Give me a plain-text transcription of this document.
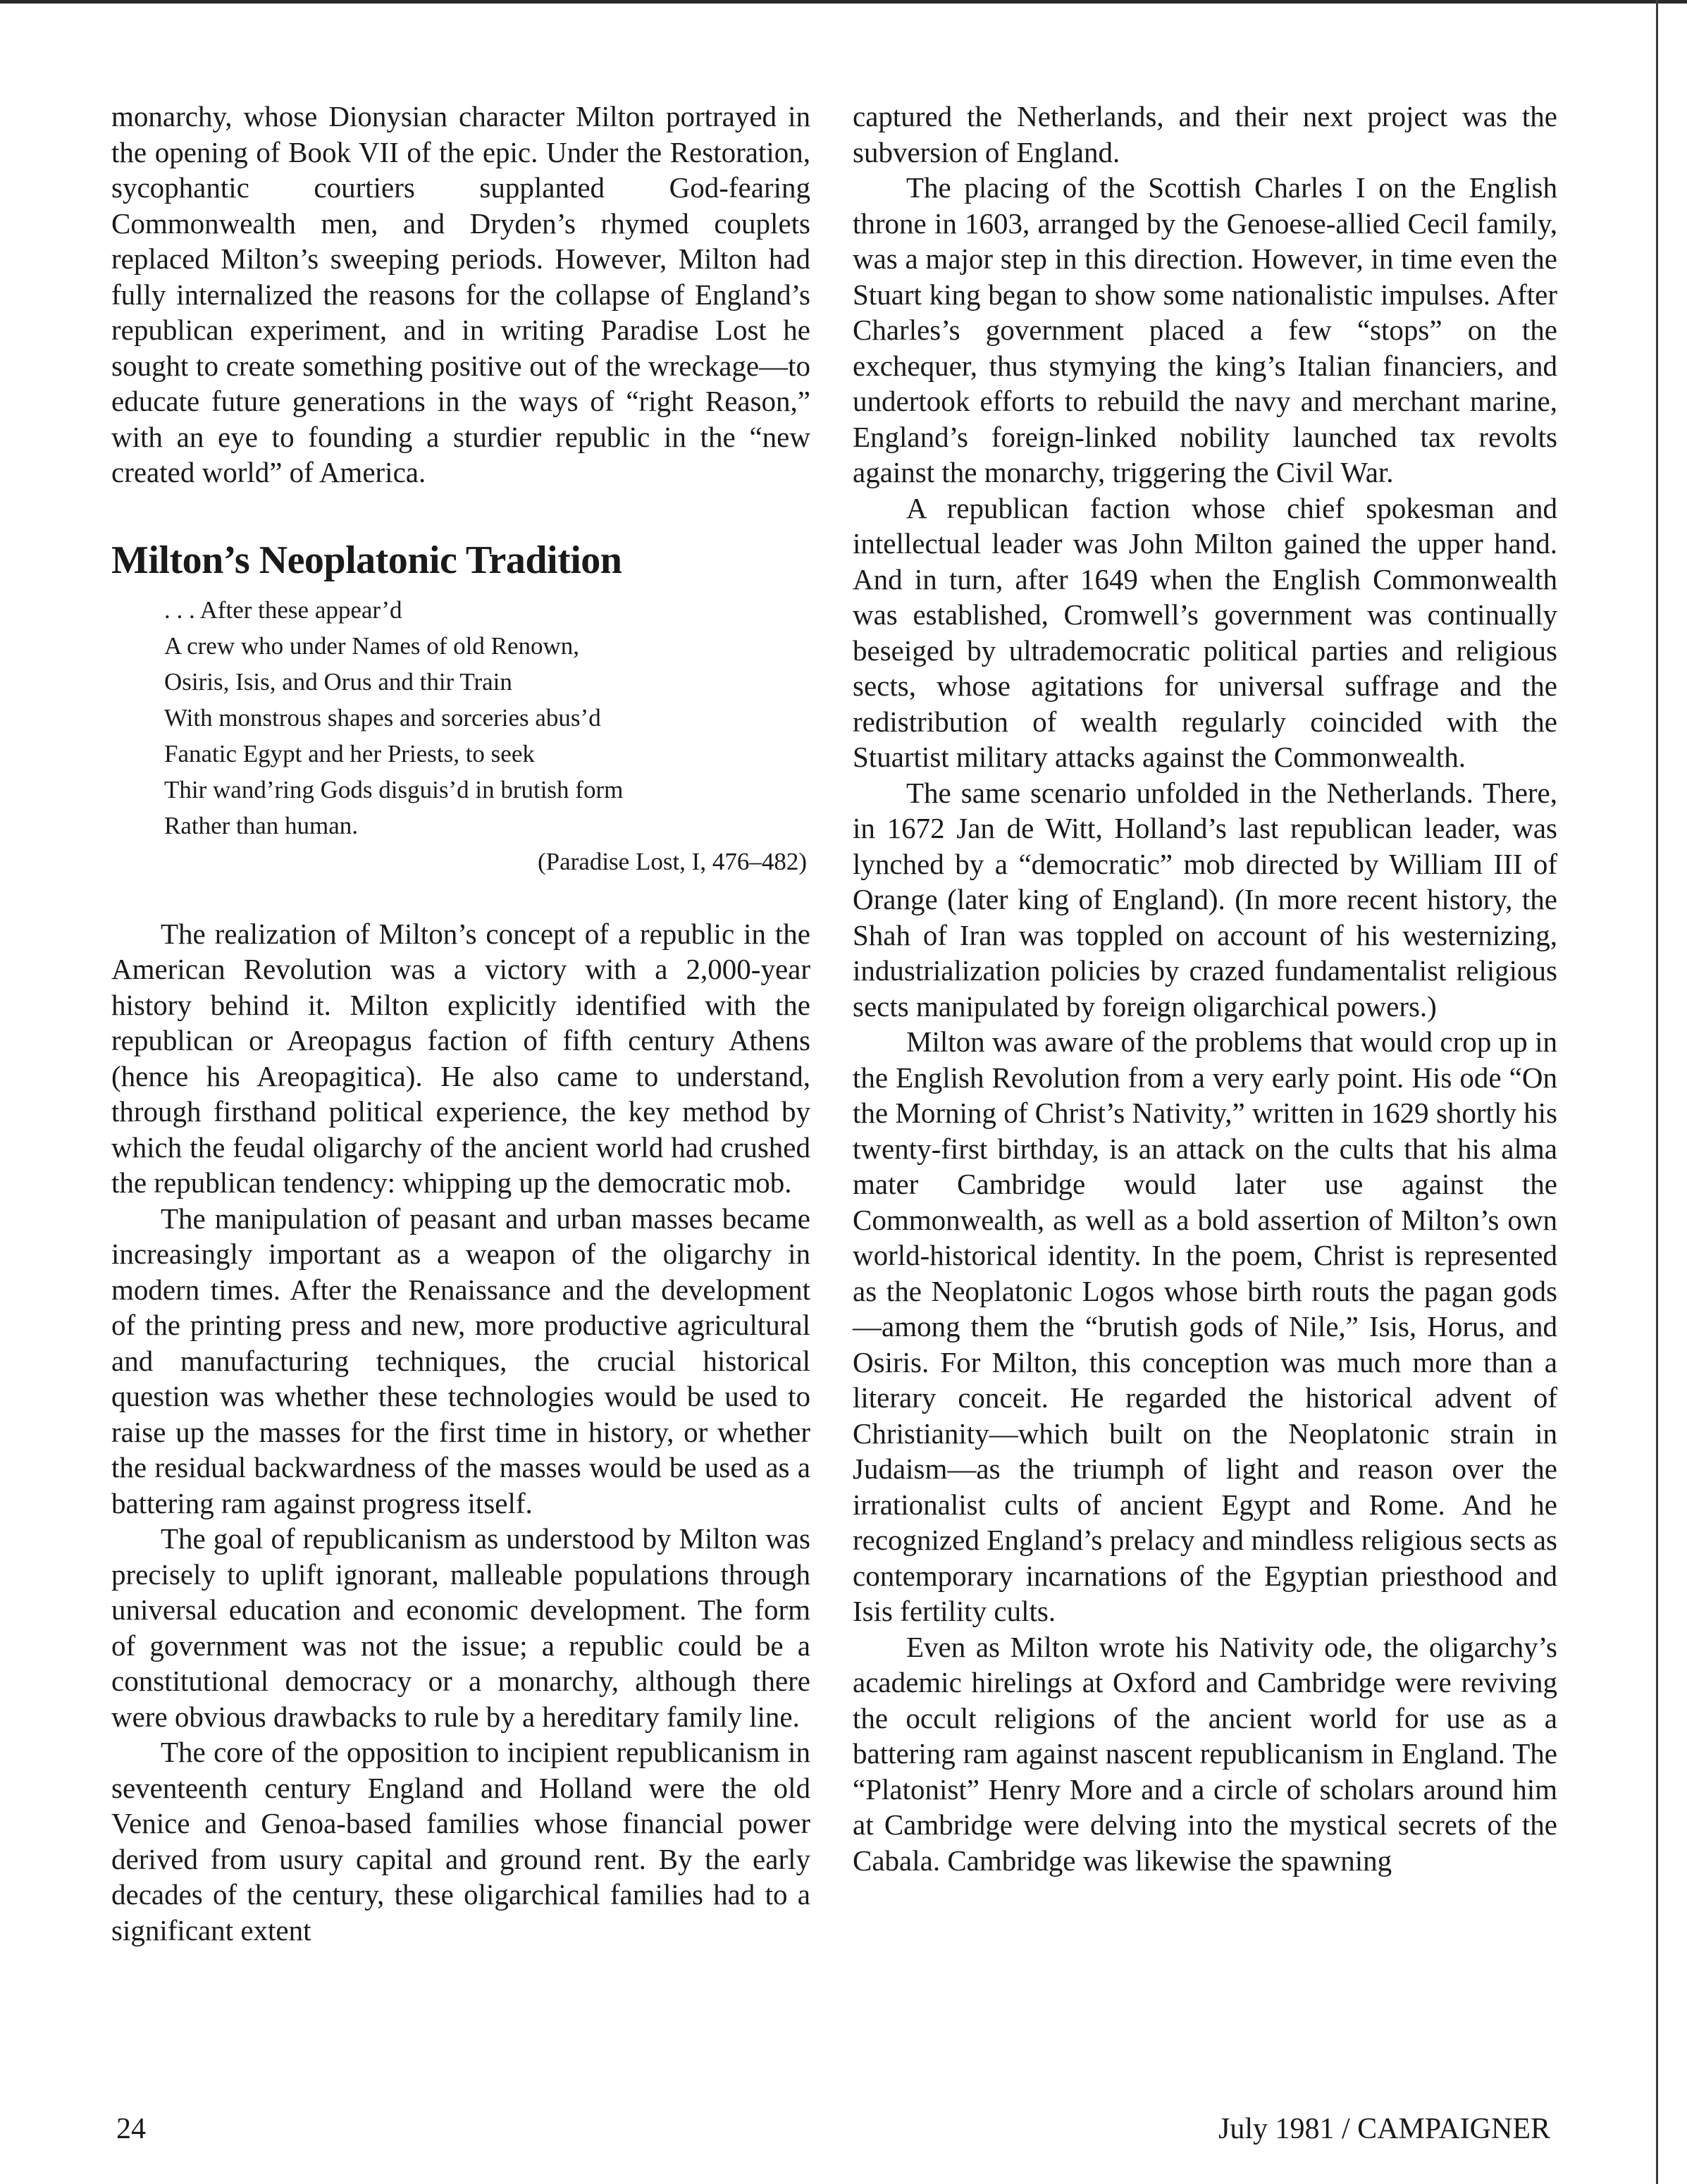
monarchy, whose Dionysian character Milton portrayed in the opening of Book VII of the epic. Under the Restoration, sycophantic courtiers supplanted God-fearing Commonwealth men, and Dryden’s rhymed couplets replaced Milton’s sweeping periods. However, Milton had fully internalized the reasons for the collapse of England’s republican experiment, and in writing Paradise Lost he sought to create something positive out of the wreckage—to educate future generations in the ways of “right Reason,” with an eye to founding a sturdier republic in the “new created world” of America.

Milton’s Neoplatonic Tradition
. . . After these appear’d
A crew who under Names of old Renown,
Osiris, Isis, and Orus and thir Train
With monstrous shapes and sorceries abus’d
Fanatic Egypt and her Priests, to seek
Thir wand’ring Gods disguis’d in brutish form
Rather than human.
(Paradise Lost, I, 476–482)

The realization of Milton’s concept of a republic in the American Revolution was a victory with a 2,000-year history behind it. Milton explicitly identified with the republican or Areopagus faction of fifth century Athens (hence his Areopagitica). He also came to understand, through firsthand political experience, the key method by which the feudal oligarchy of the ancient world had crushed the republican tendency: whipping up the democratic mob.

The manipulation of peasant and urban masses became increasingly important as a weapon of the oligarchy in modern times. After the Renaissance and the development of the printing press and new, more productive agricultural and manufacturing techniques, the crucial historical question was whether these technologies would be used to raise up the masses for the first time in history, or whether the residual backwardness of the masses would be used as a battering ram against progress itself.

The goal of republicanism as understood by Milton was precisely to uplift ignorant, malleable populations through universal education and economic development. The form of government was not the issue; a republic could be a constitutional democracy or a monarchy, although there were obvious drawbacks to rule by a hereditary family line.

The core of the opposition to incipient republicanism in seventeenth century England and Holland were the old Venice and Genoa-based families whose financial power derived from usury capital and ground rent. By the early decades of the century, these oligarchical families had to a significant extent

captured the Netherlands, and their next project was the subversion of England.

The placing of the Scottish Charles I on the English throne in 1603, arranged by the Genoese-allied Cecil family, was a major step in this direction. However, in time even the Stuart king began to show some nationalistic impulses. After Charles’s government placed a few “stops” on the exchequer, thus stymying the king’s Italian financiers, and undertook efforts to rebuild the navy and merchant marine, England’s foreign-linked nobility launched tax revolts against the monarchy, triggering the Civil War.

A republican faction whose chief spokesman and intellectual leader was John Milton gained the upper hand. And in turn, after 1649 when the English Commonwealth was established, Cromwell’s government was continually beseiged by ultrademocratic political parties and religious sects, whose agitations for universal suffrage and the redistribution of wealth regularly coincided with the Stuartist military attacks against the Commonwealth.

The same scenario unfolded in the Netherlands. There, in 1672 Jan de Witt, Holland’s last republican leader, was lynched by a “democratic” mob directed by William III of Orange (later king of England). (In more recent history, the Shah of Iran was toppled on account of his westernizing, industrialization policies by crazed fundamentalist religious sects manipulated by foreign oligarchical powers.)

Milton was aware of the problems that would crop up in the English Revolution from a very early point. His ode “On the Morning of Christ’s Nativity,” written in 1629 shortly his twenty-first birthday, is an attack on the cults that his alma mater Cambridge would later use against the Commonwealth, as well as a bold assertion of Milton’s own world-historical identity. In the poem, Christ is represented as the Neoplatonic Logos whose birth routs the pagan gods—among them the “brutish gods of Nile,” Isis, Horus, and Osiris. For Milton, this conception was much more than a literary conceit. He regarded the historical advent of Christianity—which built on the Neoplatonic strain in Judaism—as the triumph of light and reason over the irrationalist cults of ancient Egypt and Rome. And he recognized England’s prelacy and mindless religious sects as contemporary incarnations of the Egyptian priesthood and Isis fertility cults.

Even as Milton wrote his Nativity ode, the oligarchy’s academic hirelings at Oxford and Cambridge were reviving the occult religions of the ancient world for use as a battering ram against nascent republicanism in England. The “Platonist” Henry More and a circle of scholars around him at Cambridge were delving into the mystical secrets of the Cabala. Cambridge was likewise the spawning

24	July 1981 / CAMPAIGNER
